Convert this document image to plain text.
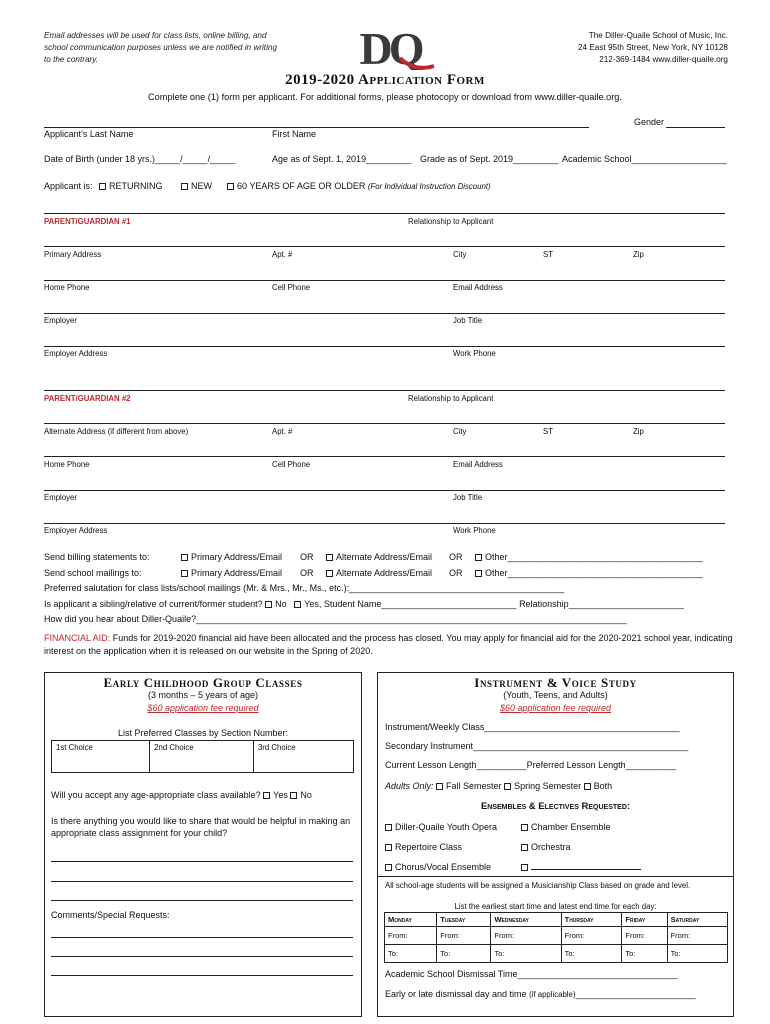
Email addresses will be used for class lists, online billing, and school communication purposes unless we are notified in writing to the contrary.
The Diller-Quaile School of Music, Inc.
24 East 95th Street, New York, NY 10128
212-369-1484 www.diller-quaile.org
DQ
2019-2020 Application Form
Complete one (1) form per applicant. For additional forms, please photocopy or download from www.diller-quaile.org.
Gender
Applicant’s Last Name	First Name
Date of Birth (under 18 yrs.)_____/_____/_____	Age as of Sept. 1, 2019_________ Grade as of Sept. 2019_________ Academic School___________________
Applicant is:	RETURNING	NEW	60 YEARS OF AGE OR OLDER (For Individual Instruction Discount)
PARENT/GUARDIAN #1	Relationship to Applicant
Primary Address	Apt. #	City	ST	Zip
Home Phone	Cell Phone	Email Address
Employer	Job Title
Employer Address	Work Phone
PARENT/GUARDIAN #2	Relationship to Applicant
Alternate Address (if different from above)	Apt. #	City	ST	Zip
Home Phone	Cell Phone	Email Address
Employer	Job Title
Employer Address	Work Phone
Send billing statements to:	Primary Address/Email OR	Alternate Address/Email OR	Other_______________________________________
Send school mailings to:	Primary Address/Email OR	Alternate Address/Email OR	Other_______________________________________
Preferred salutation for class lists/school mailings (Mr. & Mrs., Mr., Ms., etc.):___________________________________________
Is applicant a sibling/relative of current/former student? No Yes, Student Name___________________________ Relationship_______________________
How did you hear about Diller-Quaile?______________________________________________________________________________________
FINANCIAL AID: Funds for 2019-2020 financial aid have been allocated and the process has closed. You may apply for financial aid for the 2020-2021 school year, indicating interest on the application when it is released on our website in the Spring of 2020.
Early Childhood Group Classes
(3 months – 5 years of age)
$60 application fee required
List Preferred Classes by Section Number:
1st Choice	2nd Choice	3rd Choice
Will you accept any age-appropriate class available? Yes No
Is there anything you would like to share that would be helpful in making an appropriate class assignment for your child?
Comments/Special Requests:
Instrument & Voice Study
(Youth, Teens, and Adults)
$60 application fee required
Instrument/Weekly Class_______________________________________
Secondary Instrument___________________________________________
Current Lesson Length__________Preferred Lesson Length__________
Adults Only: Fall Semester Spring Semester Both
Ensembles & Electives Requested:
Diller-Quaile Youth Opera	Chamber Ensemble
Repertoire Class	Orchestra
Chorus/Vocal Ensemble
All school-age students will be assigned a Musicianship Class based on grade and level.
List the earliest start time and latest end time for each day:
Monday	Tuesday	Wednesday	Thursday	Friday	Saturday
From:	From:	From:	From:	From:	From:
To:	To:	To:	To:	To:	To:
Academic School Dismissal Time________________________________
Early or late dismissal day and time (if applicable)________________________
